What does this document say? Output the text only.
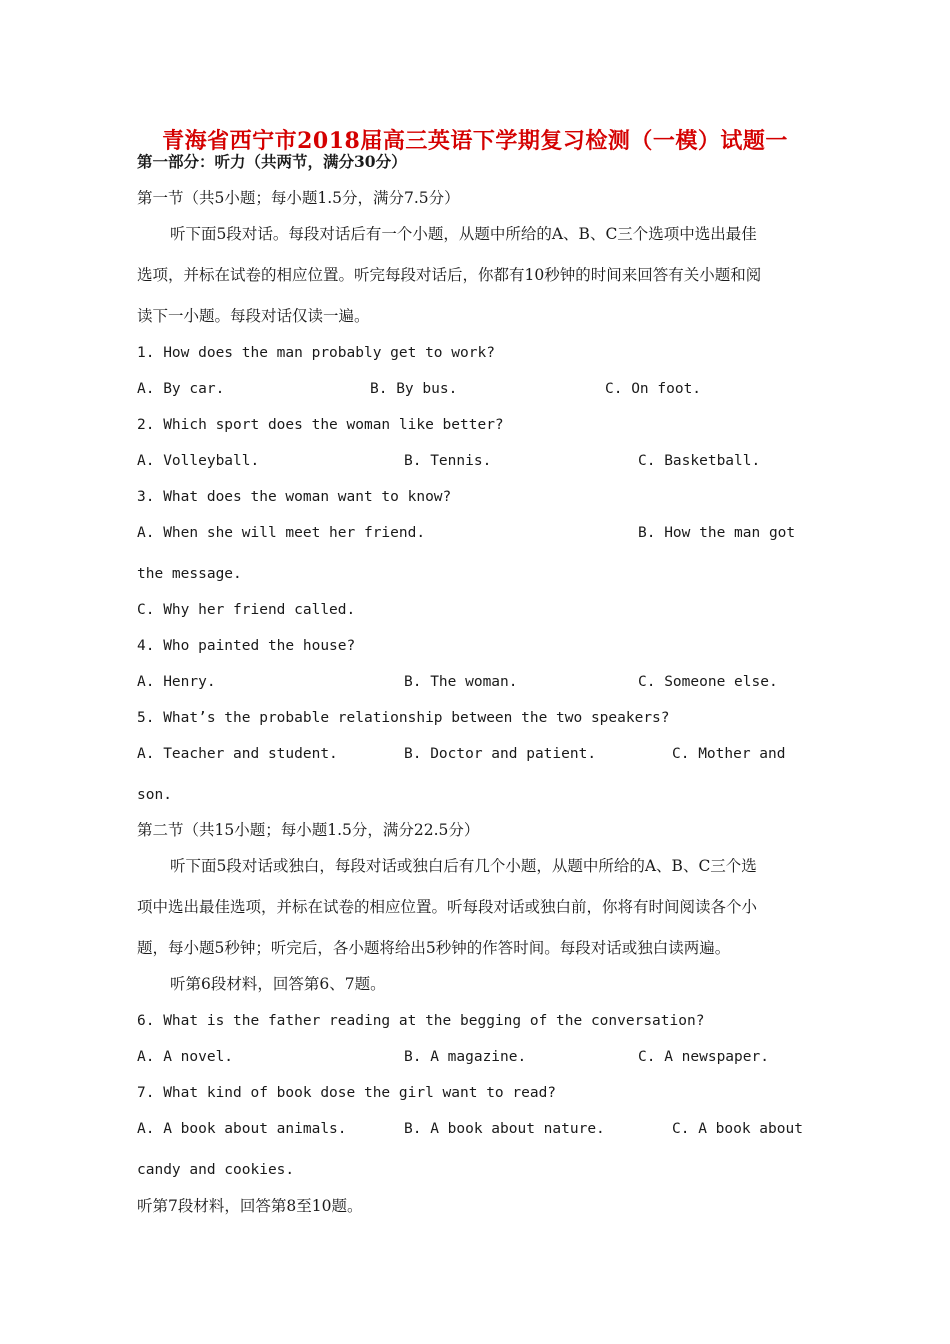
青海省西宁市2018届高三英语下学期复习检测（一模）试题一
第一部分：听力（共两节，满分30分）
第一节（共5小题；每小题1.5分，满分7.5分）
听下面5段对话。每段对话后有一个小题，从题中所给的A、B、C三个选项中选出最佳
选项，并标在试卷的相应位置。听完每段对话后，你都有10秒钟的时间来回答有关小题和阅
读下一小题。每段对话仅读一遍。
1. How does the man probably get to work?
A. By car.	B. By bus.	C. On foot.
2. Which sport does the woman like better?
A. Volleyball.	B. Tennis.	C. Basketball.
3. What does the woman want to know?
A. When she will meet her friend.	B. How the man got
the message.
C. Why her friend called.
4. Who painted the house?
A. Henry.	B. The woman.	C. Someone else.
5. What’s the probable relationship between the two speakers?
A. Teacher and student.	B. Doctor and patient.	C. Mother and
son.
第二节（共15小题；每小题1.5分，满分22.5分）
听下面5段对话或独白，每段对话或独白后有几个小题，从题中所给的A、B、C三个选
项中选出最佳选项，并标在试卷的相应位置。听每段对话或独白前，你将有时间阅读各个小
题，每小题5秒钟；听完后，各小题将给出5秒钟的作答时间。每段对话或独白读两遍。
听第6段材料，回答第6、7题。
6. What is the father reading at the begging of the conversation?
A. A novel.	B. A magazine.	C. A newspaper.
7. What kind of book dose the girl want to read?
A. A book about animals.	B. A book about nature.	C. A book about
candy and cookies.
听第7段材料，回答第8至10题。
